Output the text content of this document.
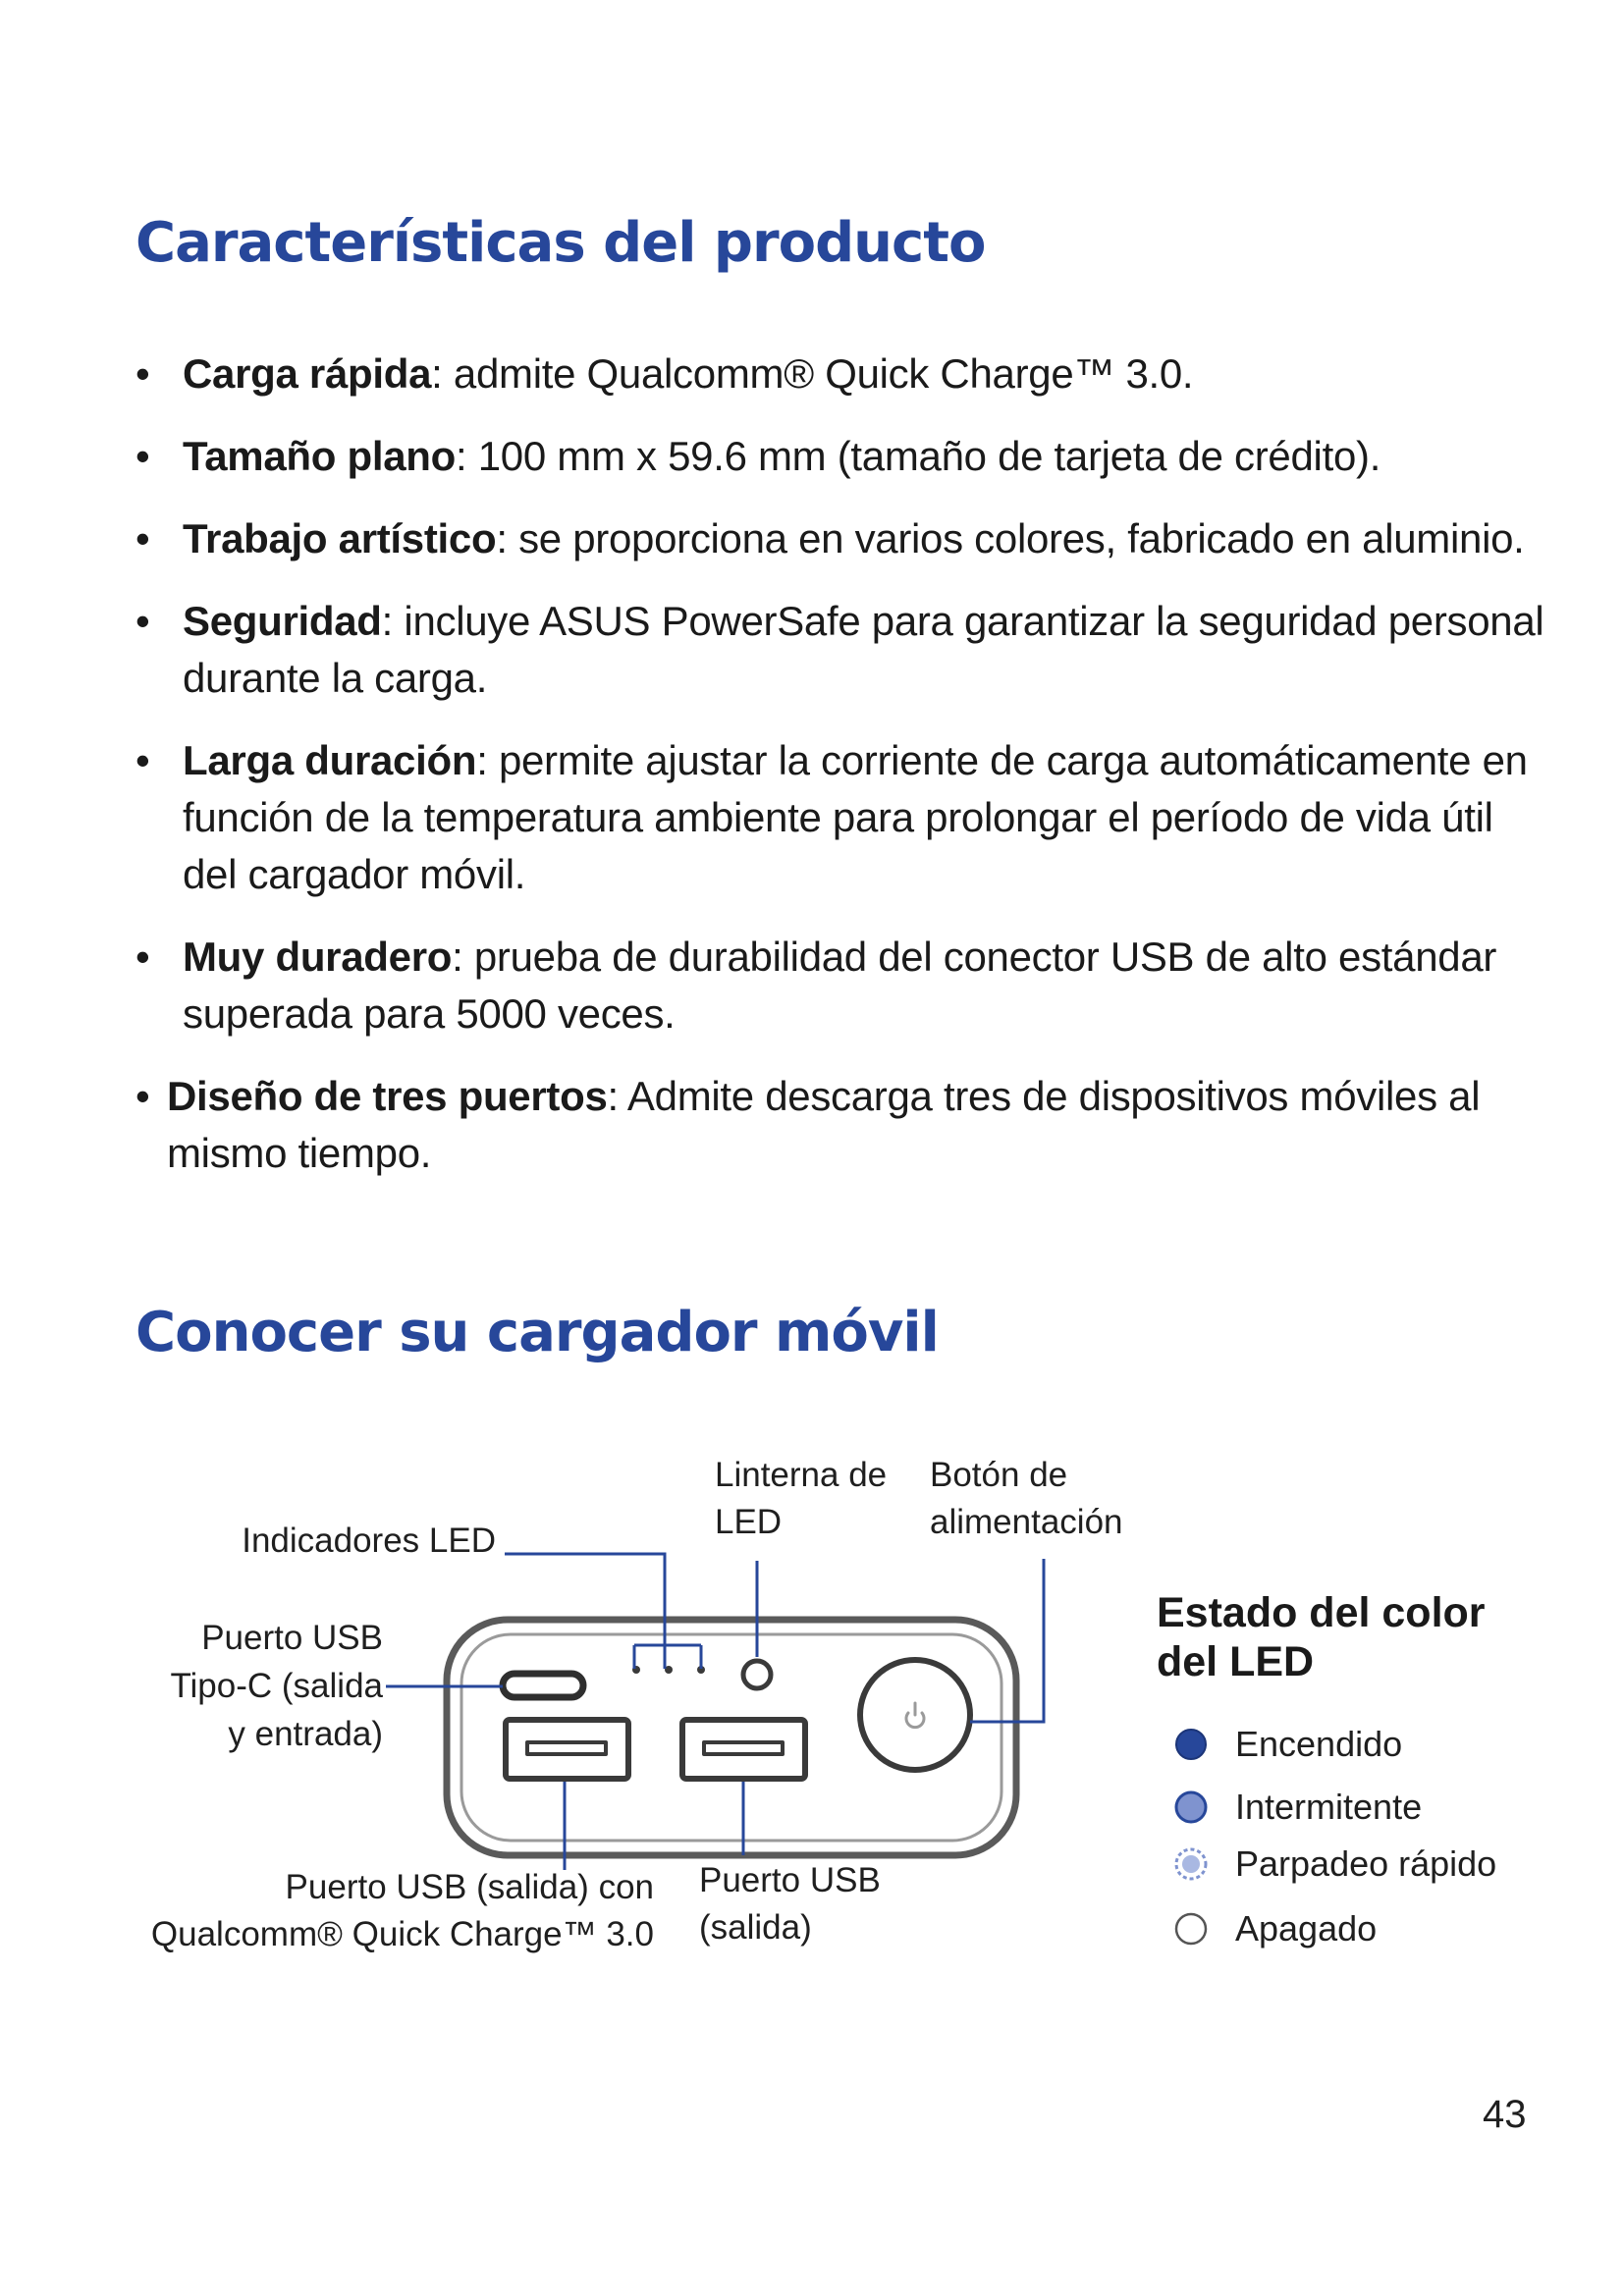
Características del producto
• Carga rápida: admite Qualcomm® Quick Charge™ 3.0.
• Tamaño plano: 100 mm x 59.6 mm (tamaño de tarjeta de crédito).
• Trabajo artístico: se proporciona en varios colores, fabricado en aluminio.
• Seguridad: incluye ASUS PowerSafe para garantizar la seguridad personal durante la carga.
• Larga duración: permite ajustar la corriente de carga automáticamente en función de la temperatura ambiente para prolongar el período de vida útil del cargador móvil.
• Muy duradero: prueba de durabilidad del conector USB de alto estándar superada para 5000 veces.
• Diseño de tres puertos: Admite descarga tres de dispositivos móviles al mismo tiempo.
Conocer su cargador móvil
Indicadores LED
Linterna de
LED
Botón de
alimentación
Puerto USB
Tipo-C (salida
y entrada)
Puerto USB (salida) con
Qualcomm® Quick Charge™ 3.0
Puerto USB
(salida)
Estado del color del LED
Encendido
Intermitente
Parpadeo rápido
Apagado
43
